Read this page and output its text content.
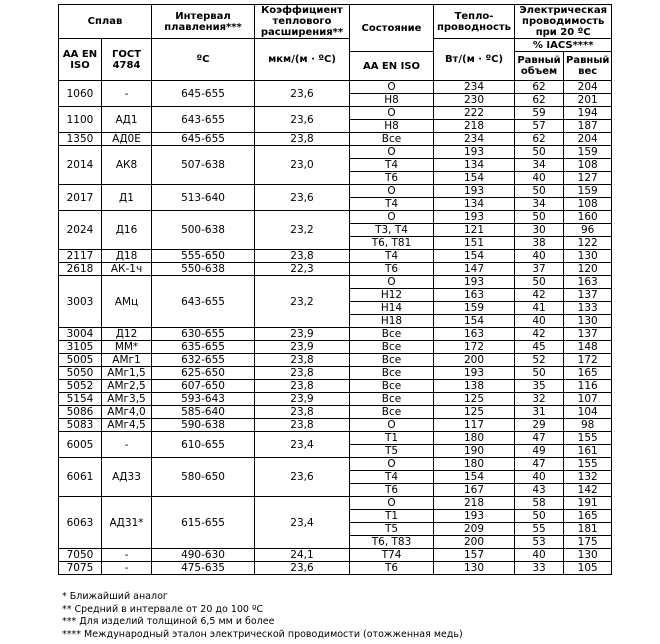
Сплав		Интервал плавления***	Коэффициент теплового расширения**	Состояние	Тепло-проводность	Электрическая проводимость при 20 ºC	
AA EN ISO	ГОСТ 4784	ºC	мкм/(м · ºC)		Вт/(м · ºC)	% IACS****	
				AA EN ISO		Равный объем	Равный вес
1060	-	645-655	23,6	O	234	62	204
				H8	230	62	201
1100	АД1	643-655	23,6	O	222	59	194
				H8	218	57	187
1350	АД0Е	645-655	23,8	Все	234	62	204
2014	АК8	507-638	23,0	O	193	50	159
				T4	134	34	108
				T6	154	40	127
2017	Д1	513-640	23,6	O	193	50	159
				T4	134	34	108
2024	Д16	500-638	23,2	O	193	50	160
				T3, T4	121	30	96
				T6, T81	151	38	122
2117	Д18	555-650	23,8	T4	154	40	130
2618	АК-1ч	550-638	22,3	T6	147	37	120
3003	АМц	643-655	23,2	O	193	50	163
				H12	163	42	137
				H14	159	41	133
				H18	154	40	130
3004	Д12	630-655	23,9	Все	163	42	137
3105	ММ*	635-655	23,9	Все	172	45	148
5005	АМг1	632-655	23,8	Все	200	52	172
5050	АМг1,5	625-650	23,8	Все	193	50	165
5052	АМг2,5	607-650	23,8	Все	138	35	116
5154	АМг3,5	593-643	23,9	Все	125	32	107
5086	АМг4,0	585-640	23,8	Все	125	31	104
5083	АМг4,5	590-638	23,8	O	117	29	98
6005	-	610-655	23,4	T1	180	47	155
				T5	190	49	161
6061	АД33	580-650	23,6	O	180	47	155
				T4	154	40	132
				T6	167	43	142
6063	АД31*	615-655	23,4	O	218	58	191
				T1	193	50	165
				T5	209	55	181
				T6, T83	200	53	175
7050	-	490-630	24,1	T74	157	40	130
7075	-	475-635	23,6	T6	130	33	105
* Ближайший аналог
** Средний в интервале от 20 до 100 ºC
*** Для изделий толщиной 6,5 мм и более
**** Международный эталон электрической проводимости (отожженная медь)
